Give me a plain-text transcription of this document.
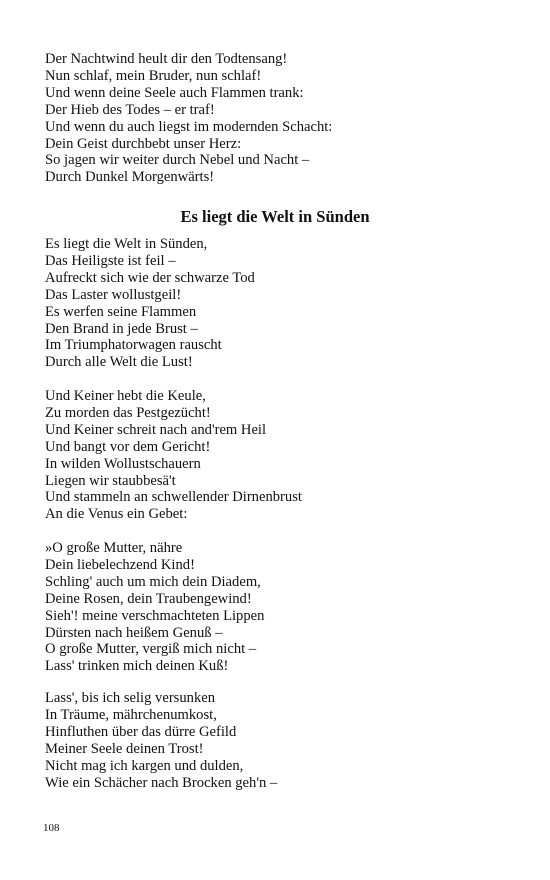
Der Nachtwind heult dir den Todtensang!
Nun schlaf, mein Bruder, nun schlaf!
Und wenn deine Seele auch Flammen trank:
Der Hieb des Todes – er traf!
Und wenn du auch liegst im modernden Schacht:
Dein Geist durchbebt unser Herz:
So jagen wir weiter durch Nebel und Nacht –
Durch Dunkel Morgenwärts!
Es liegt die Welt in Sünden
Es liegt die Welt in Sünden,
Das Heiligste ist feil –
Aufreckt sich wie der schwarze Tod
Das Laster wollustgeil!
Es werfen seine Flammen
Den Brand in jede Brust –
Im Triumphatorwagen rauscht
Durch alle Welt die Lust!
Und Keiner hebt die Keule,
Zu morden das Pestgezücht!
Und Keiner schreit nach and'rem Heil
Und bangt vor dem Gericht!
In wilden Wollustschauern
Liegen wir staubbesä't
Und stammeln an schwellender Dirnenbrust
An die Venus ein Gebet:
»O große Mutter, nähre
Dein liebelechzend Kind!
Schling' auch um mich dein Diadem,
Deine Rosen, dein Traubengewind!
Sieh'! meine verschmachteten Lippen
Dürsten nach heißem Genuß –
O große Mutter, vergiß mich nicht –
Lass' trinken mich deinen Kuß!
Lass', bis ich selig versunken
In Träume, mährchenumkost,
Hinfluthen über das dürre Gefild
Meiner Seele deinen Trost!
Nicht mag ich kargen und dulden,
Wie ein Schächer nach Brocken geh'n –
108
